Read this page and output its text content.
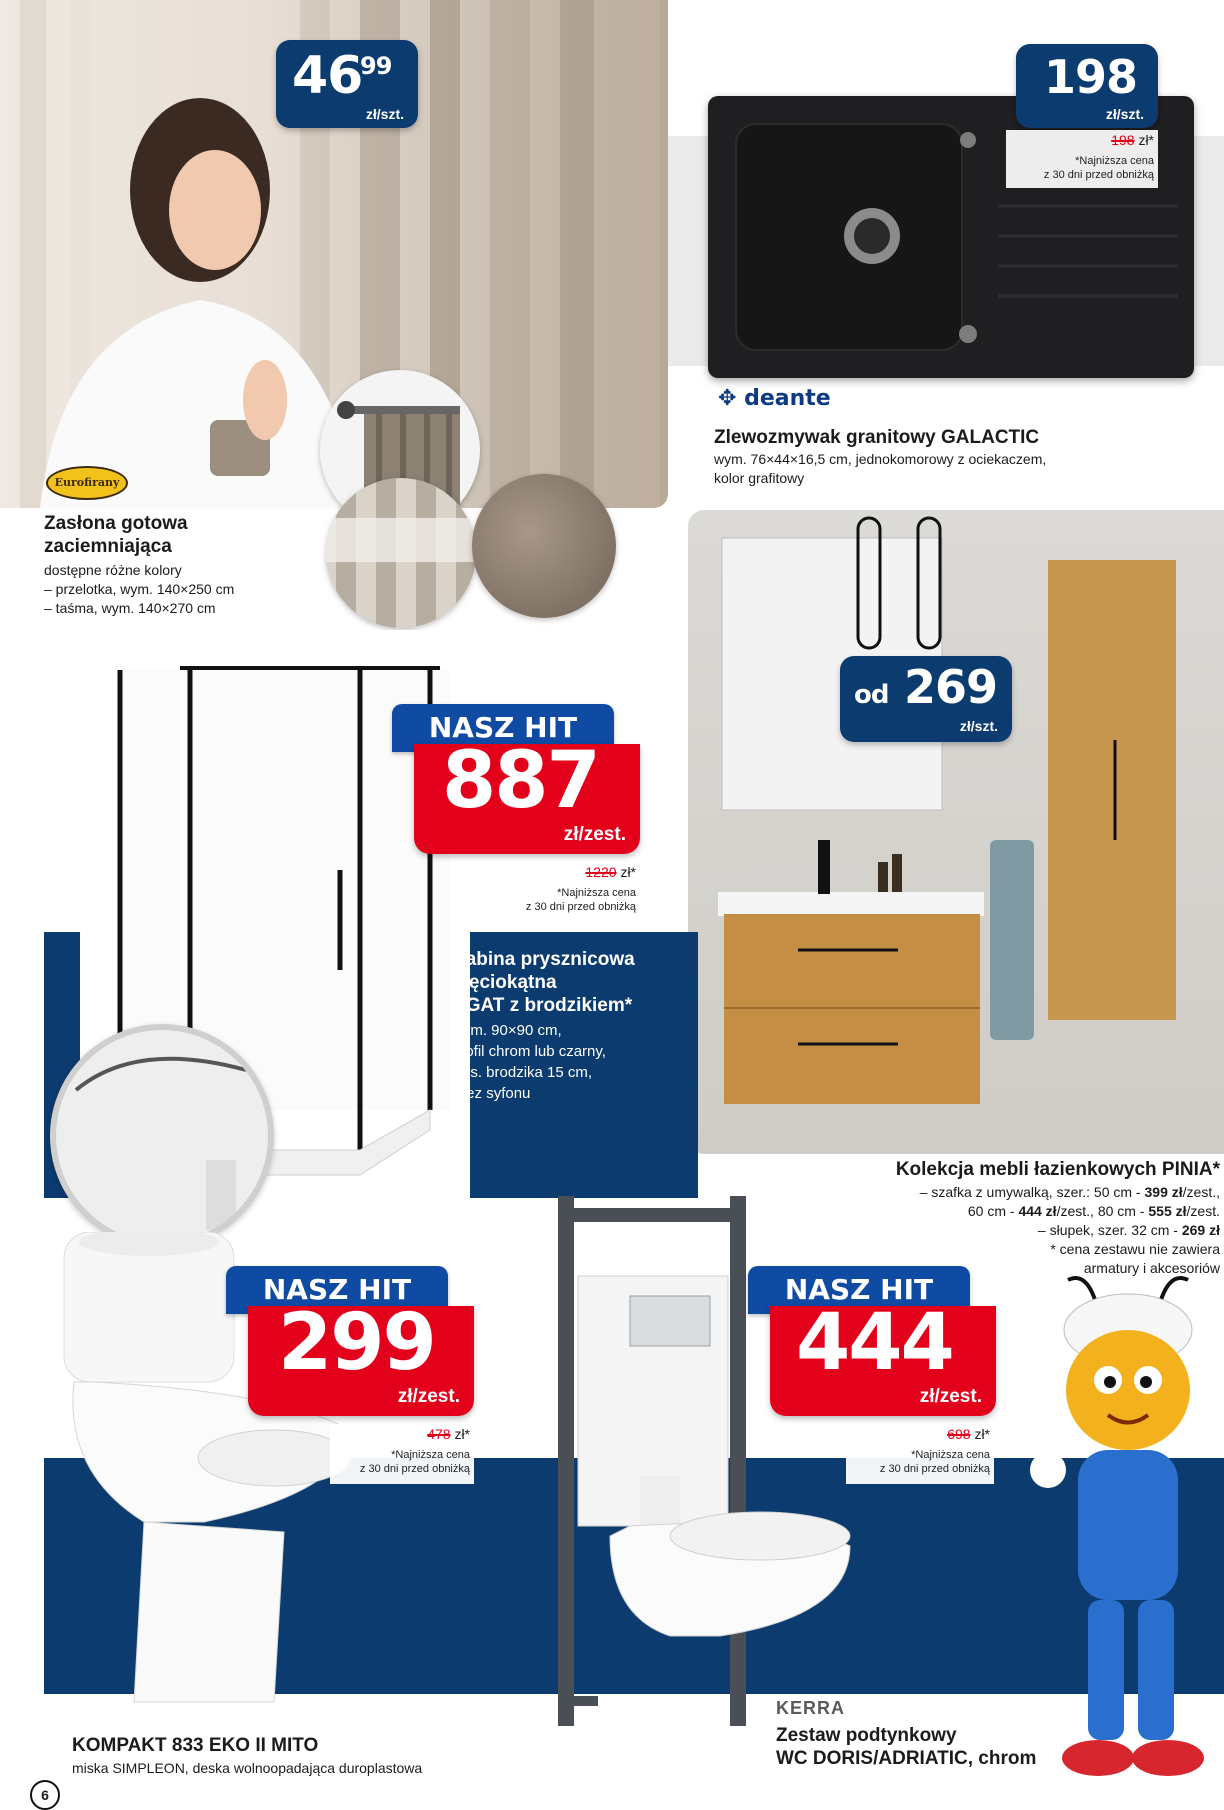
Eurofirany
46
99
zł/szt.
Zasłona gotowa
zaciemniająca
dostępne różne kolory
– przelotka, wym. 140×250 cm
– taśma, wym. 140×270 cm
198
zł/szt.
198 zł*
*Najniższa cena
z 30 dni przed obniżką
✥ deante
Zlewozmywak granitowy GALACTIC
wym. 76×44×16,5 cm, jednokomorowy z ociekaczem,
kolor grafitowy
od 269
zł/szt.
Kolekcja mebli łazienkowych PINIA*
– szafka z umywalką, szer.: 50 cm - 399 zł/zest.,
60 cm - 444 zł/zest., 80 cm - 555 zł/zest.
– słupek, szer. 32 cm - 269 zł
* cena zestawu nie zawiera
armatury i akcesoriów
NASZ HIT
887
zł/zest.
1220 zł*
*Najniższa cena
z 30 dni przed obniżką
Kabina prysznicowa
pięciokątna
AGAT z brodzikiem*
wym. 90×90 cm,
profil chrom lub czarny,
wys. brodzika 15 cm,
*bez syfonu
NASZ HIT
299
zł/zest.
478 zł*
*Najniższa cena
z 30 dni przed obniżką
KOMPAKT 833 EKO II MITO
miska SIMPLEON, deska wolnoopadająca duroplastowa
NASZ HIT
444
zł/zest.
698 zł*
*Najniższa cena
z 30 dni przed obniżką
KERRA
Zestaw podtynkowy
WC DORIS/ADRIATIC, chrom
6
